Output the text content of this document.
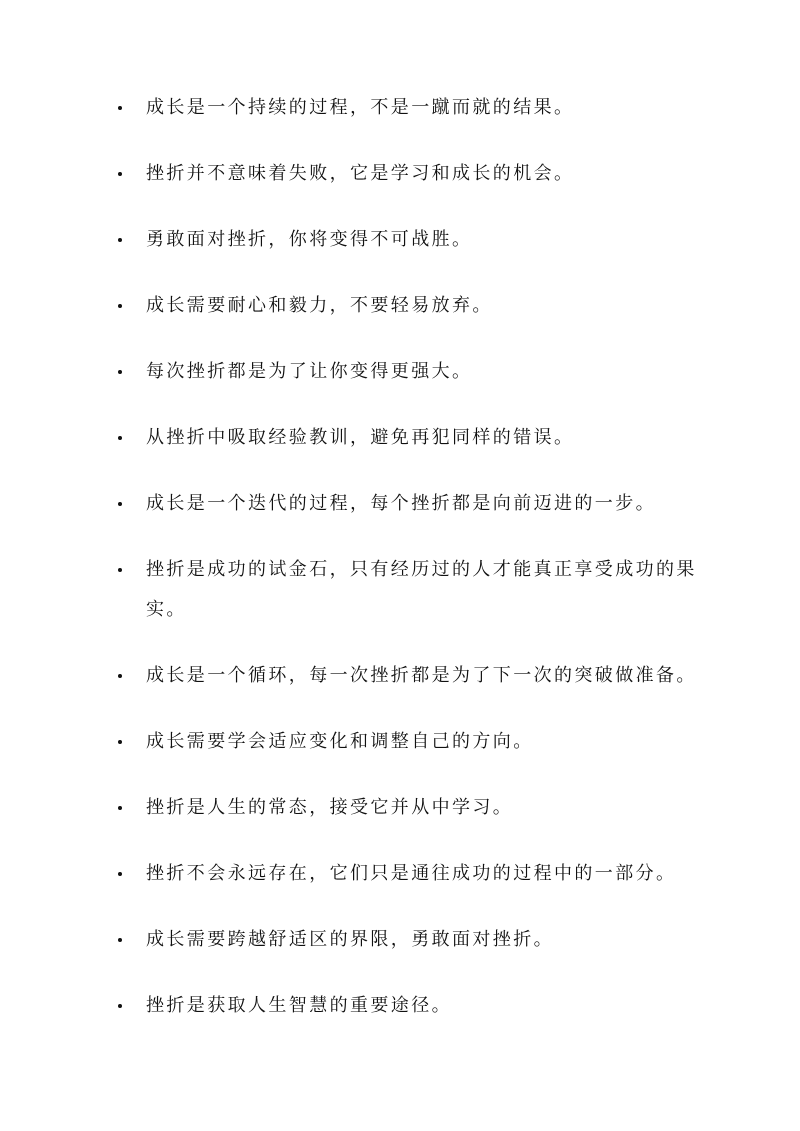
成长是一个持续的过程，不是一蹴而就的结果。
挫折并不意味着失败，它是学习和成长的机会。
勇敢面对挫折，你将变得不可战胜。
成长需要耐心和毅力，不要轻易放弃。
每次挫折都是为了让你变得更强大。
从挫折中吸取经验教训，避免再犯同样的错误。
成长是一个迭代的过程，每个挫折都是向前迈进的一步。
挫折是成功的试金石，只有经历过的人才能真正享受成功的果实。
成长是一个循环，每一次挫折都是为了下一次的突破做准备。
成长需要学会适应变化和调整自己的方向。
挫折是人生的常态，接受它并从中学习。
挫折不会永远存在，它们只是通往成功的过程中的一部分。
成长需要跨越舒适区的界限，勇敢面对挫折。
挫折是获取人生智慧的重要途径。
